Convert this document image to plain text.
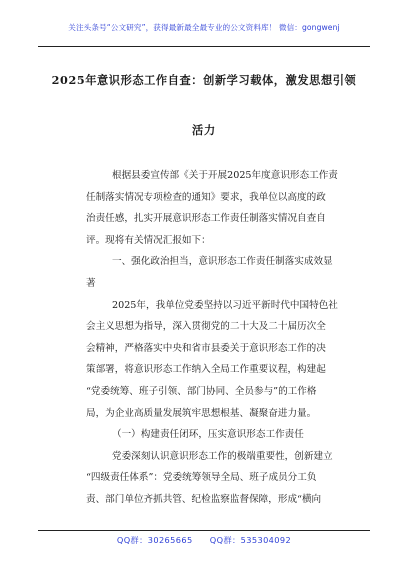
关注头条号“公文研究”，获得最新最全最专业的公文资料库！ 微信：gongwenj
2025年意识形态工作自查：创新学习载体，激发思想引领
活力
根据县委宣传部《关于开展2025年度意识形态工作责
任制落实情况专项检查的通知》要求，我单位以高度的政
治责任感，扎实开展意识形态工作责任制落实情况自查自
评。现将有关情况汇报如下：
一、强化政治担当，意识形态工作责任制落实成效显
著
2025年，我单位党委坚持以习近平新时代中国特色社
会主义思想为指导，深入贯彻党的二十大及二十届历次全
会精神，严格落实中央和省市县委关于意识形态工作的决
策部署，将意识形态工作纳入全局工作重要议程，构建起
“党委统筹、班子引领、部门协同、全员参与”的工作格
局，为企业高质量发展筑牢思想根基、凝聚奋进力量。
（一）构建责任闭环，压实意识形态工作责任
党委深刻认识意识形态工作的极端重要性，创新建立
“四级责任体系”：党委统筹领导全局、班子成员分工负
责、部门单位齐抓共管、纪检监察监督保障，形成“横向
QQ群：30265665　　QQ群：535304092
